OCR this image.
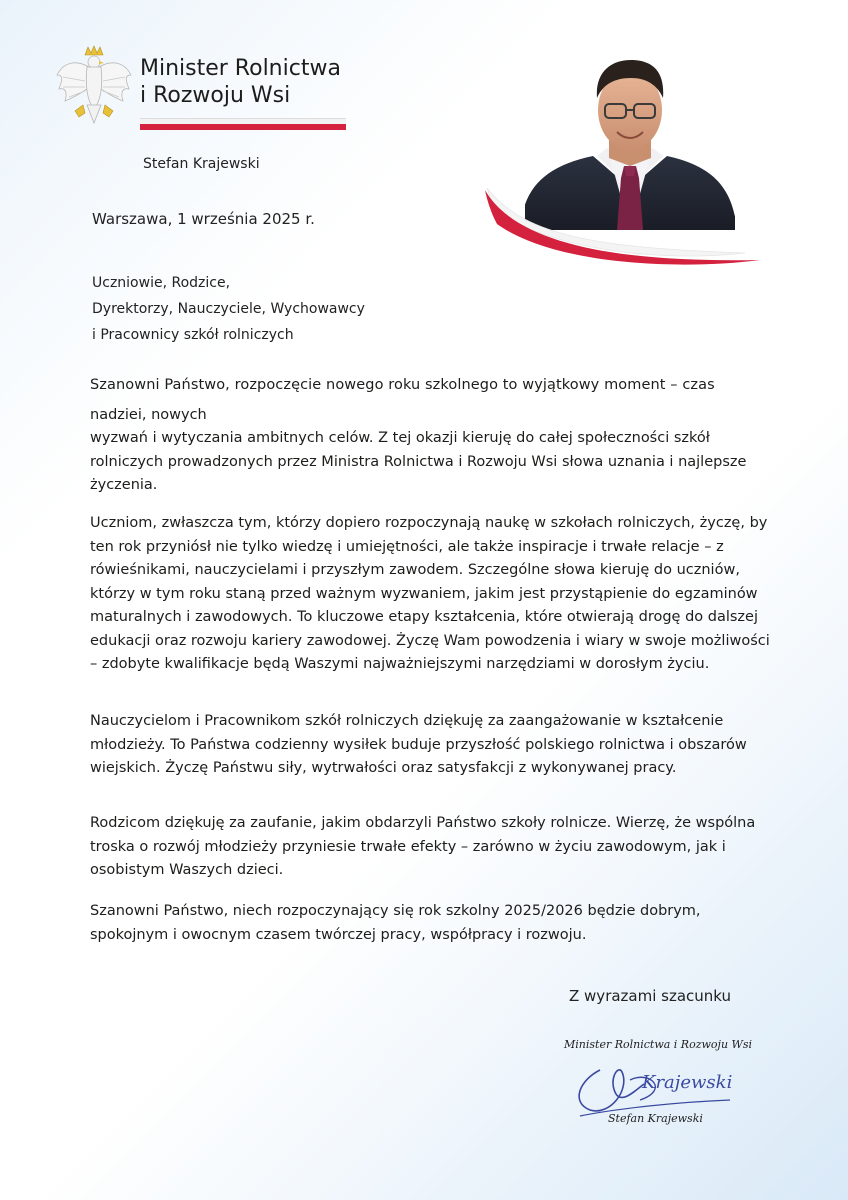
Minister Rolnictwa
i Rozwoju Wsi
Stefan Krajewski
Warszawa, 1 września 2025 r.
Uczniowie, Rodzice,
Dyrektorzy, Nauczyciele, Wychowawcy
i Pracownicy szkół rolniczych
Szanowni Państwo, rozpoczęcie nowego roku szkolnego to wyjątkowy moment – czas
nadziei, nowych
wyzwań i wytyczania ambitnych celów. Z tej okazji kieruję do całej społeczności szkół rolniczych prowadzonych przez Ministra Rolnictwa i Rozwoju Wsi słowa uznania i najlepsze życzenia.

Uczniom, zwłaszcza tym, którzy dopiero rozpoczynają naukę w szkołach rolniczych, życzę, by ten rok przyniósł nie tylko wiedzę i umiejętności, ale także inspiracje i trwałe relacje – z rówieśnikami, nauczycielami i przyszłym zawodem. Szczególne słowa kieruję do uczniów, którzy w tym roku staną przed ważnym wyzwaniem, jakim jest przystąpienie do egzaminów maturalnych i zawodowych. To kluczowe etapy kształcenia, które otwierają drogę do dalszej edukacji oraz rozwoju kariery zawodowej. Życzę Wam powodzenia i wiary w swoje możliwości – zdobyte kwalifikacje będą Waszymi najważniejszymi narzędziami w dorosłym życiu.

Nauczycielom i Pracownikom szkół rolniczych dziękuję za zaangażowanie w kształcenie młodzieży. To Państwa codzienny wysiłek buduje przyszłość polskiego rolnictwa i obszarów wiejskich. Życzę Państwu siły, wytrwałości oraz satysfakcji z wykonywanej pracy.

Rodzicom dziękuję za zaufanie, jakim obdarzyli Państwo szkoły rolnicze. Wierzę, że wspólna troska o rozwój młodzieży przyniesie trwałe efekty – zarówno w życiu zawodowym, jak i osobistym Waszych dzieci.

Szanowni Państwo, niech rozpoczynający się rok szkolny 2025/2026 będzie dobrym, spokojnym i owocnym czasem twórczej pracy, współpracy i rozwoju.

Z wyrazami szacunku
Minister Rolnictwa i Rozwoju Wsi
Krajewski
Stefan Krajewski
